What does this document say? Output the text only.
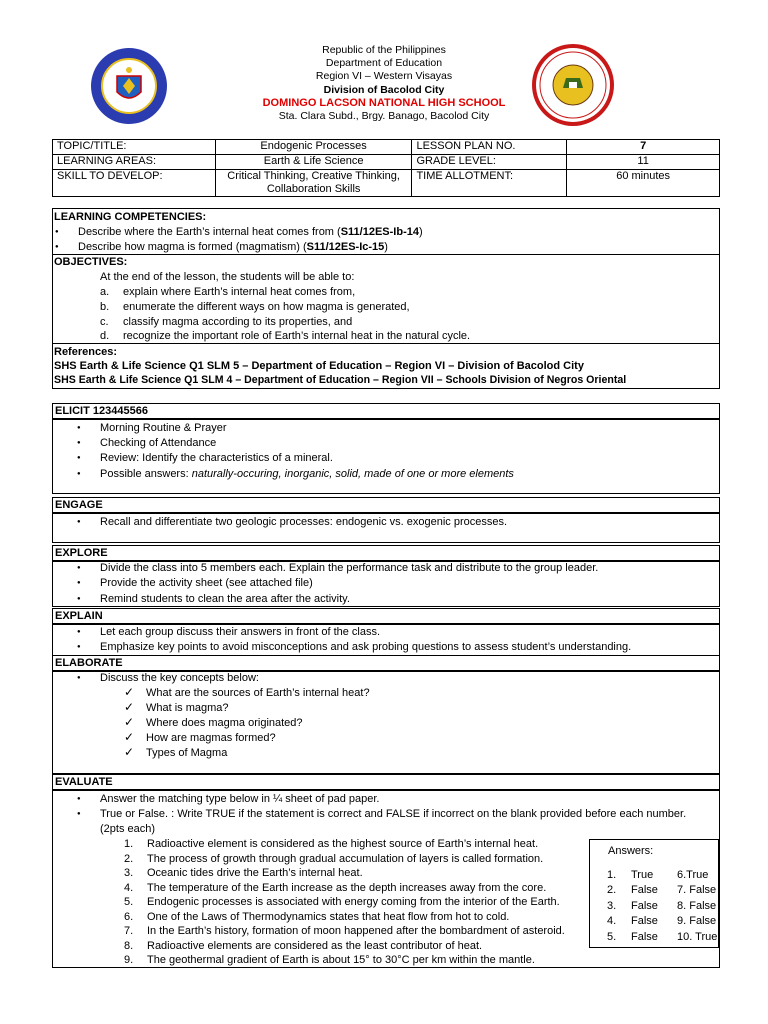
Republic of the Philippines
Department of Education
Region VI – Western Visayas
Division of Bacolod City
DOMINGO LACSON NATIONAL HIGH SCHOOL
Sta. Clara Subd., Brgy. Banago, Bacolod City
TOPIC/TITLE:	Endogenic Processes	LESSON PLAN NO.	7
LEARNING AREAS:	Earth & Life Science	GRADE LEVEL:	11
SKILL TO DEVELOP:	Critical Thinking, Creative Thinking,
Collaboration Skills	TIME ALLOTMENT:	60 minutes
LEARNING COMPETENCIES:
● Describe where the Earth’s internal heat comes from (S11/12ES-Ib-14)
● Describe how magma is formed (magmatism) (S11/12ES-Ic-15)
OBJECTIVES:
At the end of the lesson, the students will be able to:
a. explain where Earth’s internal heat comes from,
b. enumerate the different ways on how magma is generated,
c. classify magma according to its properties, and
d. recognize the important role of Earth’s internal heat in the natural cycle.
References:
SHS Earth & Life Science Q1 SLM 5 – Department of Education – Region VI – Division of Bacolod City
SHS Earth & Life Science Q1 SLM 4 – Department of Education – Region VII – Schools Division of Negros Oriental
ELICIT 123445566
● Morning Routine & Prayer
● Checking of Attendance
● Review: Identify the characteristics of a mineral.
● Possible answers: naturally-occuring, inorganic, solid, made of one or more elements
ENGAGE
● Recall and differentiate two geologic processes: endogenic vs. exogenic processes.
EXPLORE
● Divide the class into 5 members each. Explain the performance task and distribute to the group leader.
● Provide the activity sheet (see attached file)
● Remind students to clean the area after the activity.
EXPLAIN
● Let each group discuss their answers in front of the class.
● Emphasize key points to avoid misconceptions and ask probing questions to assess student’s understanding.
ELABORATE
● Discuss the key concepts below:
✓ What are the sources of Earth’s internal heat?
✓ What is magma?
✓ Where does magma originated?
✓ How are magmas formed?
✓ Types of Magma
EVALUATE
● Answer the matching type below in ¼ sheet of pad paper.
● True or False. : Write TRUE if the statement is correct and FALSE if incorrect on the blank provided before each number.
(2pts each)
1. Radioactive element is considered as the highest source of Earth’s internal heat.
2. The process of growth through gradual accumulation of layers is called formation.
3. Oceanic tides drive the Earth’s internal heat.
4. The temperature of the Earth increase as the depth increases away from the core.
5. Endogenic processes is associated with energy coming from the interior of the Earth.
6. One of the Laws of Thermodynamics states that heat flow from hot to cold.
7. In the Earth’s history, formation of moon happened after the bombardment of asteroid.
8. Radioactive elements are considered as the least contributor of heat.
9. The geothermal gradient of Earth is about 15° to 30°C per km within the mantle.
Answers:
1. True 6.True
2. False 7. False
3. False 8. False
4. False 9. False
5. False 10. True
